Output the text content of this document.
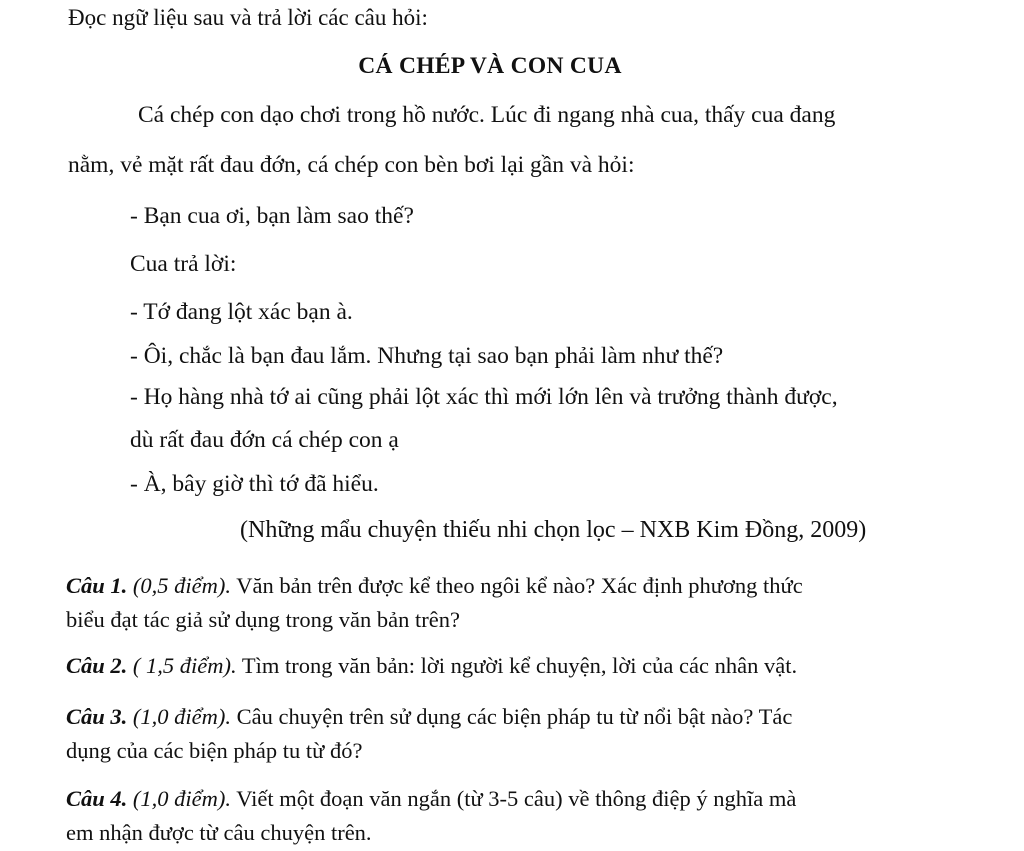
Đọc ngữ liệu sau và trả lời các câu hỏi:
CÁ CHÉP VÀ CON CUA
Cá chép con dạo chơi trong hồ nước. Lúc đi ngang nhà cua, thấy cua đang
nằm, vẻ mặt rất đau đớn, cá chép con bèn bơi lại gần và hỏi:
- Bạn cua ơi, bạn làm sao thế?
Cua trả lời:
- Tớ đang lột xác bạn à.
- Ôi, chắc là bạn đau lắm. Nhưng tại sao bạn phải làm như thế?
- Họ hàng nhà tớ ai cũng phải lột xác thì mới lớn lên và trưởng thành được,
dù rất đau đớn cá chép con ạ
- À, bây giờ thì tớ đã hiểu.
(Những mẩu chuyện thiếu nhi chọn lọc – NXB Kim Đồng, 2009)
Câu 1. (0,5 điểm). Văn bản trên được kể theo ngôi kể nào? Xác định phương thức
biểu đạt tác giả sử dụng trong văn bản trên?
Câu 2. ( 1,5 điểm). Tìm trong văn bản: lời người kể chuyện, lời của các nhân vật.
Câu 3. (1,0 điểm). Câu chuyện trên sử dụng các biện pháp tu từ nổi bật nào? Tác
dụng của các biện pháp tu từ đó?
Câu 4. (1,0 điểm). Viết một đoạn văn ngắn (từ 3-5 câu) về thông điệp ý nghĩa mà
em nhận được từ câu chuyện trên.
